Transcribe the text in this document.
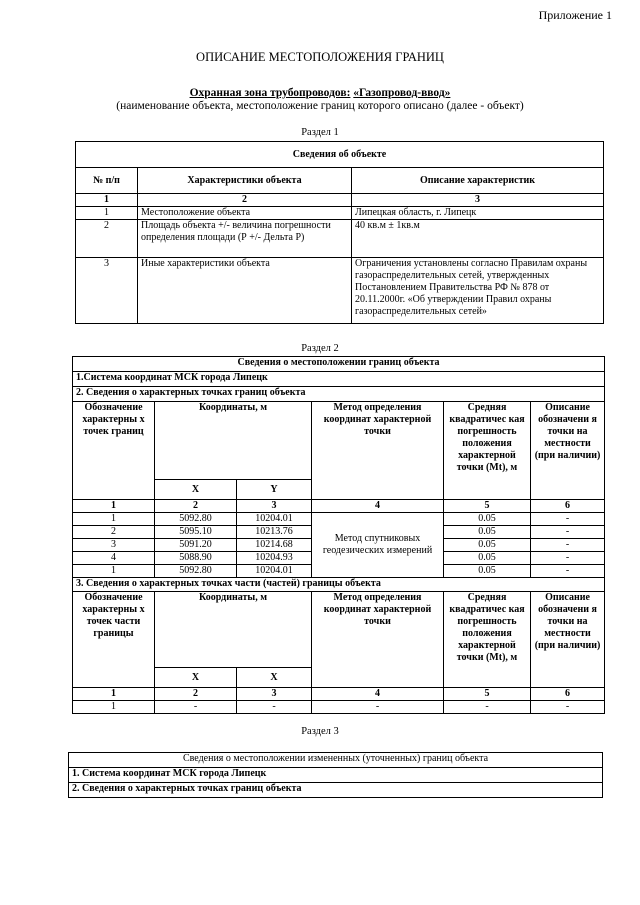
Приложение 1
ОПИСАНИЕ МЕСТОПОЛОЖЕНИЯ ГРАНИЦ
Охранная зона трубопроводов: «Газопровод-ввод»
(наименование объекта, местоположение границ которого описано (далее - объект)
Раздел 1
Сведения об объекте		
№ п/п	Характеристики объекта	Описание характеристик
1	2	3
1	Местоположение объекта	Липецкая область, г. Липецк
2	Площадь объекта +/- величина погрешности определения площади (Р +/- Дельта Р)	40 кв.м ± 1кв.м
3	Иные характеристики объекта	Ограничения установлены согласно Правилам охраны газораспределительных сетей, утвержденных Постановлением Правительства РФ № 878 от 20.11.2000г. «Об утверждении Правил охраны газораспределительных сетей»
Раздел 2
Сведения о местоположении границ объекта					
1.Система координат МСК города Липецк					
2. Сведения о характерных точках границ объекта					
Обозначение характерны х точек границ	Координаты, м		Метод определения координат характерной точки	Средняя квадратичес кая погрешность положения характерной точки (Mt), м	Описание обозначени я точки на местности (при наличии)
	X	Y			
1	2	3	4	5	6
1	5092.80	10204.01	Метод спутниковых геодезических измерений	0.05	-
2	5095.10	10213.76		0.05	-
3	5091.20	10214.68		0.05	-
4	5088.90	10204.93		0.05	-
1	5092.80	10204.01		0.05	-
3. Сведения о характерных точках части (частей) границы объекта					
Обозначение характерны х точек части границы	Координаты, м		Метод определения координат характерной точки	Средняя квадратичес кая погрешность положения характерной точки (Mt), м	Описание обозначени я точки на местности (при наличии)
	X	X			
1	2	3	4	5	6
1	-	-	-	-	-
Раздел 3
Сведения о местоположении измененных (уточненных) границ объекта
1. Система координат МСК города Липецк
2. Сведения о характерных точках границ объекта
